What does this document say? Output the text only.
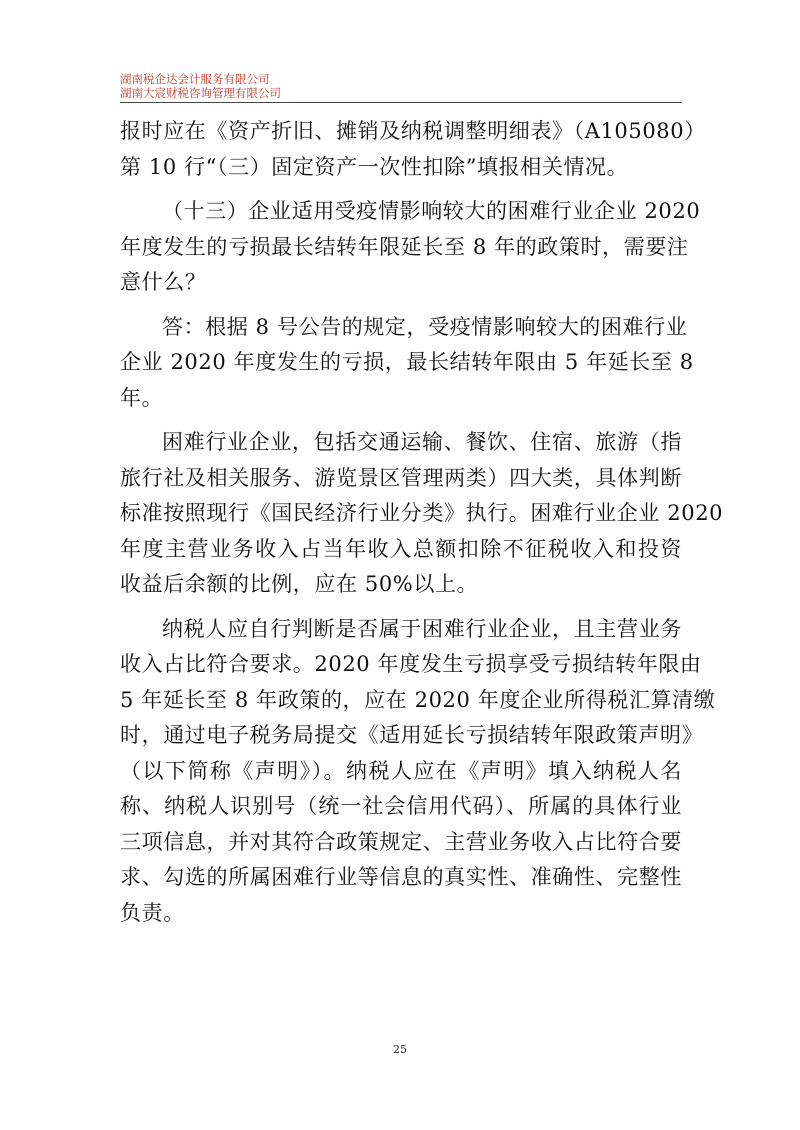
湖南税企达会计服务有限公司
湖南大宸财税咨询管理有限公司
报时应在《资产折旧、摊销及纳税调整明细表》（A105080）
第 10 行“（三）固定资产一次性扣除”填报相关情况。
（十三）企业适用受疫情影响较大的困难行业企业 2020
年度发生的亏损最长结转年限延长至 8 年的政策时，需要注
意什么？
答：根据 8 号公告的规定，受疫情影响较大的困难行业
企业 2020 年度发生的亏损，最长结转年限由 5 年延长至 8
年。
困难行业企业，包括交通运输、餐饮、住宿、旅游（指
旅行社及相关服务、游览景区管理两类）四大类，具体判断
标准按照现行《国民经济行业分类》执行。困难行业企业 2020
年度主营业务收入占当年收入总额扣除不征税收入和投资
收益后余额的比例，应在 50%以上。
纳税人应自行判断是否属于困难行业企业，且主营业务
收入占比符合要求。2020 年度发生亏损享受亏损结转年限由
5 年延长至 8 年政策的，应在 2020 年度企业所得税汇算清缴
时，通过电子税务局提交《适用延长亏损结转年限政策声明》
（以下简称《声明》）。纳税人应在《声明》填入纳税人名
称、纳税人识别号（统一社会信用代码）、所属的具体行业
三项信息，并对其符合政策规定、主营业务收入占比符合要
求、勾选的所属困难行业等信息的真实性、准确性、完整性
负责。
25
